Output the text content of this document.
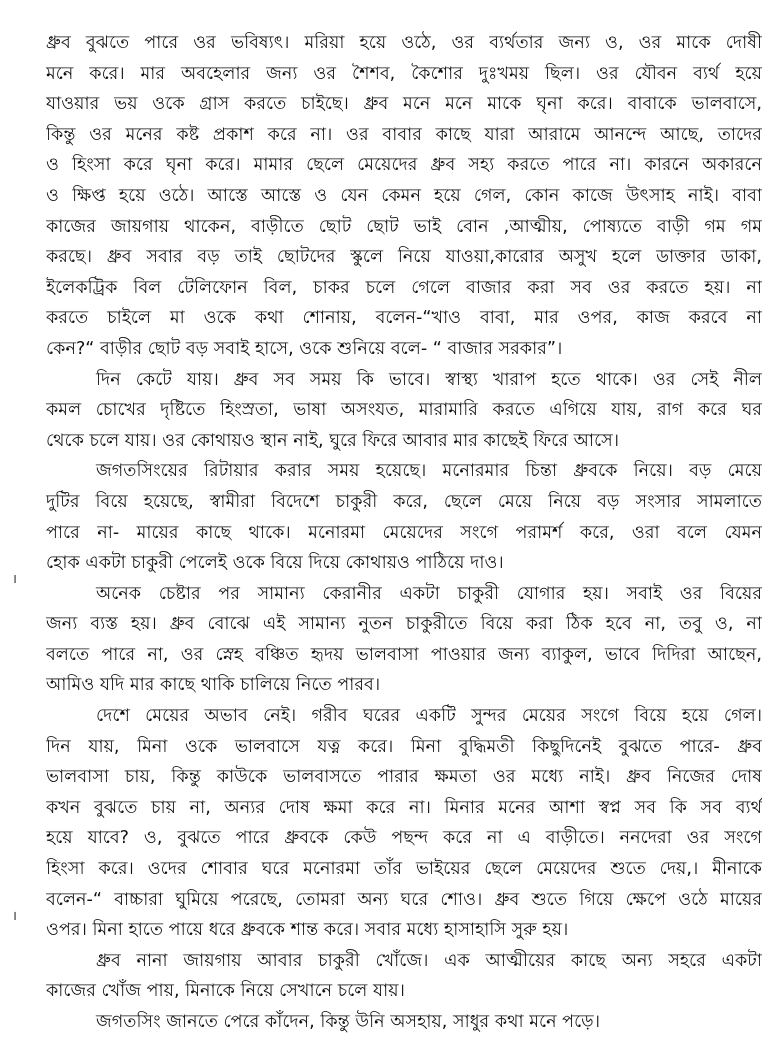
ধ্রুব বুঝতে পারে ওর ভবিষ্যৎ। মরিয়া হয়ে ওঠে, ওর ব্যর্থতার জন্য ও, ওর মাকে দোষী
মনে করে। মার অবহেলার জন্য ওর শৈশব, কৈশোর দুঃখময় ছিল। ওর যৌবন ব্যর্থ হয়ে
যাওয়ার ভয় ওকে গ্রাস করতে চাইছে। ধ্রুব মনে মনে মাকে ঘৃনা করে। বাবাকে ভালবাসে,
কিন্তু ওর মনের কষ্ট প্রকাশ করে না। ওর বাবার কাছে যারা আরামে আনন্দে আছে, তাদের
ও হিংসা করে ঘৃনা করে। মামার ছেলে মেয়েদের ধ্রুব সহ্য করতে পারে না। কারনে অকারনে
ও ক্ষিপ্ত হয়ে ওঠে। আস্তে আস্তে ও যেন কেমন হয়ে গেল, কোন কাজে উৎসাহ নাই। বাবা
কাজের জায়গায় থাকেন, বাড়ীতে ছোট ছোট ভাই বোন ,আত্মীয়, পোষ্যতে বাড়ী গম গম
করছে। ধ্রুব সবার বড় তাই ছোটদের স্কুলে নিয়ে যাওয়া,কারোর অসুখ হলে ডাক্তার ডাকা,
ইলেকট্রিক বিল টেলিফোন বিল, চাকর চলে গেলে বাজার করা সব ওর করতে হয়। না
করতে চাইলে মা ওকে কথা শোনায়, বলেন-“খাও বাবা, মার ওপর, কাজ করবে না
কেন?“ বাড়ীর ছোট বড় সবাই হাসে, ওকে শুনিয়ে বলে- “ বাজার সরকার”।
দিন কেটে যায়। ধ্রুব সব সময় কি ভাবে। স্বাস্থ্য খারাপ হতে থাকে। ওর সেই নীল
কমল চোখের দৃষ্টিতে হিংস্রতা, ভাষা অসংযত, মারামারি করতে এগিয়ে যায়, রাগ করে ঘর
থেকে চলে যায়। ওর কোথায়ও স্থান নাই, ঘুরে ফিরে আবার মার কাছেই ফিরে আসে।
জগতসিংয়ের রিটায়ার করার সময় হয়েছে। মনোরমার চিন্তা ধ্রুবকে নিয়ে। বড় মেয়ে
দুটির বিয়ে হয়েছে, স্বামীরা বিদেশে চাকুরী করে, ছেলে মেয়ে নিয়ে বড় সংসার সামলাতে
পারে না- মায়ের কাছে থাকে। মনোরমা মেয়েদের সংগে পরামর্শ করে, ওরা বলে যেমন
হোক একটা চাকুরী পেলেই ওকে বিয়ে দিয়ে কোথায়ও পাঠিয়ে দাও।
অনেক চেষ্টার পর সামান্য কেরানীর একটা চাকুরী যোগার হয়। সবাই ওর বিয়ের
জন্য ব্যস্ত হয়। ধ্রুব বোঝে এই সামান্য নুতন চাকুরীতে বিয়ে করা ঠিক হবে না, তবু ও, না
বলতে পারে না, ওর স্নেহ বঞ্চিত হৃদয় ভালবাসা পাওয়ার জন্য ব্যাকুল, ভাবে দিদিরা আছেন,
আমিও যদি মার কাছে থাকি চালিয়ে নিতে পারব।
দেশে মেয়ের অভাব নেই। গরীব ঘরের একটি সুন্দর মেয়ের সংগে বিয়ে হয়ে গেল।
দিন যায়, মিনা ওকে ভালবাসে যত্ন করে। মিনা বুদ্ধিমতী কিছুদিনেই বুঝতে পারে- ধ্রুব
ভালবাসা চায়, কিন্তু কাউকে ভালবাসতে পারার ক্ষমতা ওর মধ্যে নাই। ধ্রুব নিজের দোষ
কখন বুঝতে চায় না, অন্যর দোষ ক্ষমা করে না। মিনার মনের আশা স্বপ্ন সব কি সব ব্যর্থ
হয়ে যাবে? ও, বুঝতে পারে ধ্রুবকে কেউ পছন্দ করে না এ বাড়ীতে। ননদেরা ওর সংগে
হিংসা করে। ওদের শোবার ঘরে মনোরমা তাঁর ভাইয়ের ছেলে মেয়েদের শুতে দেয়,। মীনাকে
বলেন-“ বাচ্চারা ঘুমিয়ে পরেছে, তোমরা অন্য ঘরে শোও। ধ্রুব শুতে গিয়ে ক্ষেপে ওঠে মায়ের
ওপর। মিনা হাতে পায়ে ধরে ধ্রুবকে শান্ত করে। সবার মধ্যে হাসাহাসি সুরু হয়।
ধ্রুব নানা জায়গায় আবার চাকুরী খোঁজে। এক আত্মীয়ের কাছে অন্য সহরে একটা
কাজের খোঁজ পায়, মিনাকে নিয়ে সেখানে চলে যায়।
জগতসিং জানতে পেরে কাঁদেন, কিন্তু উনি অসহায়, সাধুর কথা মনে পড়ে।
।
।
